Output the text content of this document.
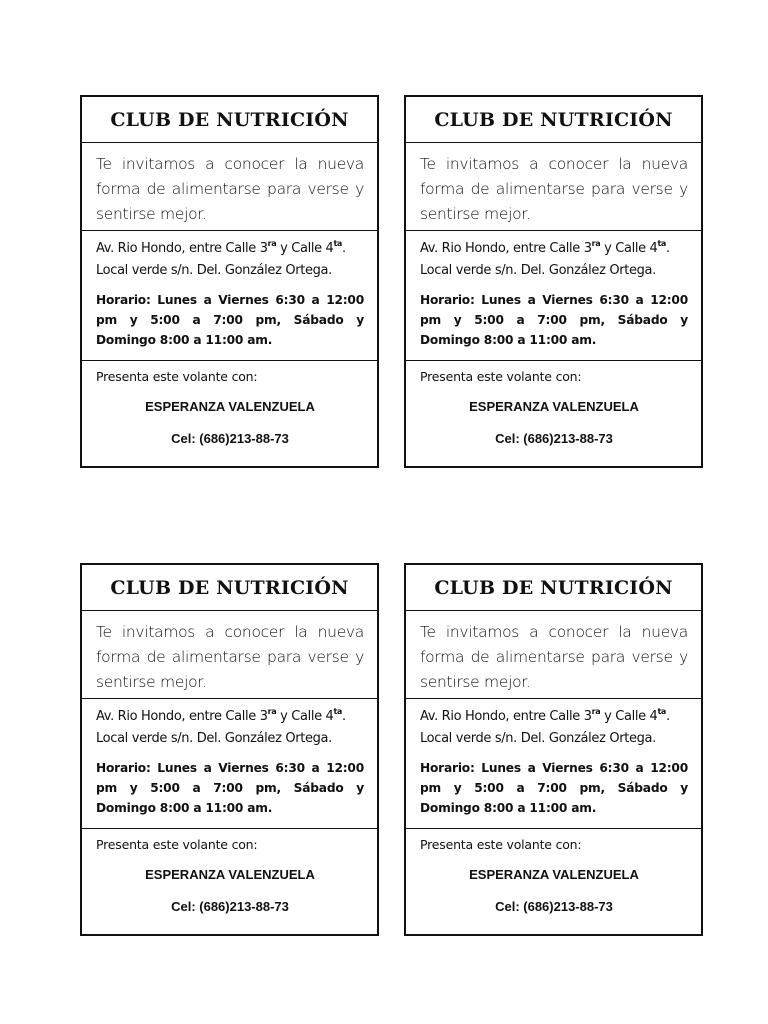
CLUB DE NUTRICIÓN
Te invitamos a conocer la nueva forma de alimentarse para verse y sentirse mejor.
Av. Rio Hondo, entre Calle $3^{ra}$ y Calle $4^{ta}$.
Local verde s/n. Del. González Ortega.
Horario: Lunes a Viernes 6:30 a 12:00 pm y 5:00 a 7:00 pm, Sábado y Domingo 8:00 a 11:00 am.
Presenta este volante con:
ESPERANZA VALENZUELA
Cel: (686)213-88-73
CLUB DE NUTRICIÓN
Te invitamos a conocer la nueva forma de alimentarse para verse y sentirse mejor.
Av. Rio Hondo, entre Calle $3^{ra}$ y Calle $4^{ta}$.
Local verde s/n. Del. González Ortega.
Horario: Lunes a Viernes 6:30 a 12:00 pm y 5:00 a 7:00 pm, Sábado y Domingo 8:00 a 11:00 am.
Presenta este volante con:
ESPERANZA VALENZUELA
Cel: (686)213-88-73
CLUB DE NUTRICIÓN
Te invitamos a conocer la nueva forma de alimentarse para verse y sentirse mejor.
Av. Rio Hondo, entre Calle $3^{ra}$ y Calle $4^{ta}$.
Local verde s/n. Del. González Ortega.
Horario: Lunes a Viernes 6:30 a 12:00 pm y 5:00 a 7:00 pm, Sábado y Domingo 8:00 a 11:00 am.
Presenta este volante con:
ESPERANZA VALENZUELA
Cel: (686)213-88-73
CLUB DE NUTRICIÓN
Te invitamos a conocer la nueva forma de alimentarse para verse y sentirse mejor.
Av. Rio Hondo, entre Calle $3^{ra}$ y Calle $4^{ta}$.
Local verde s/n. Del. González Ortega.
Horario: Lunes a Viernes 6:30 a 12:00 pm y 5:00 a 7:00 pm, Sábado y Domingo 8:00 a 11:00 am.
Presenta este volante con:
ESPERANZA VALENZUELA
Cel: (686)213-88-73
